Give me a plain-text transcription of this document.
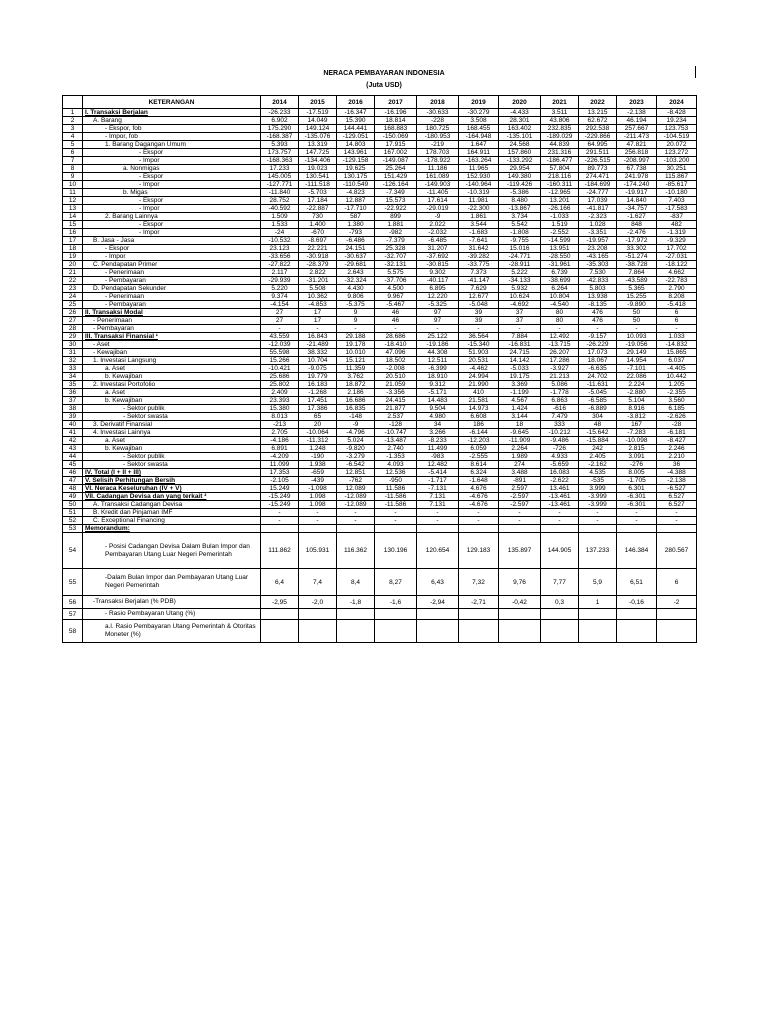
NERACA PEMBAYARAN INDONESIA
(Juta USD)
	KETERANGAN	2014	2015	2016	2017	2018	2019	2020	2021	2022	2023	2024
1	I. Transaksi Berjalan	-26.233	-17.519	-16.347	-16.196	-30.633	-30.279	-4.433	3.511	13.215	-2.138	-8.428
2	A. Barang	6.902	14.049	15.390	18.814	-228	3.508	28.301	43.806	62.672	46.194	19.234
3	- Ekspor, fob	175.290	149.124	144.441	168.883	180.725	168.455	163.402	232.835	292.538	257.667	123.753
4	- Impor, fob	-168.387	-135.076	-129.051	-150.069	-180.953	-164.948	-135.101	-189.029	-229.866	-211.473	-104.519
5	1. Barang Dagangan Umum	5.393	13.319	14.803	17.915	-219	1.647	24.568	44.839	64.995	47.821	20.072
6	- Ekspor	173.757	147.725	143.961	167.002	178.703	164.911	157.860	231.316	291.511	256.818	123.272
7	- Impor	-168.363	-134.406	-129.158	-149.087	-178.922	-163.264	-133.292	-186.477	-226.515	-208.997	-103.200
8	a. Nonmigas	17.233	19.023	19.625	25.264	11.186	11.965	29.954	57.804	89.773	67.738	30.251
9	- Ekspor	145.005	130.541	130.175	151.429	161.089	152.930	149.380	218.116	274.471	241.978	115.867
10	- Impor	-127.771	-111.518	-110.549	-126.164	-149.903	-140.964	-119.426	-160.311	-184.699	-174.240	-85.617
11	b. Migas	-11.840	-5.703	-4.823	-7.349	-11.405	-10.319	-5.386	-12.965	-24.777	-19.917	-10.180
12	- Ekspor	28.752	17.184	12.887	15.573	17.614	11.981	8.480	13.201	17.039	14.840	7.403
13	- Impor	-40.592	-22.887	-17.710	-22.922	-29.019	-22.300	-13.867	-26.166	-41.817	-34.757	-17.583
14	2. Barang Lainnya	1.509	730	587	899	-9	1.861	3.734	-1.033	-2.323	-1.627	-837
15	- Ekspor	1.533	1.400	1.380	1.881	2.022	3.544	5.542	1.519	1.028	848	482
16	- Impor	-24	-670	-793	-982	-2.032	-1.683	-1.808	-2.552	-3.351	-2.476	-1.319
17	B. Jasa - Jasa	-10.532	-8.697	-6.486	-7.379	-6.485	-7.641	-9.755	-14.599	-19.957	-17.972	-9.329
18	- Ekspor	23.123	22.221	24.151	25.328	31.207	31.642	15.016	13.951	23.208	33.302	17.702
19	- Impor	-33.656	-30.918	-30.637	-32.707	-37.692	-39.282	-24.771	-28.550	-43.165	-51.274	-27.031
20	C. Pendapatan Primer	-27.822	-28.379	-29.681	-32.131	-30.815	-33.775	-28.911	-31.961	-35.303	-38.728	-18.122
21	- Penerimaan	2.117	2.822	2.643	5.575	9.302	7.373	5.222	6.739	7.530	7.864	4.662
22	- Pembayaran	-29.939	-31.201	-32.324	-37.706	-40.117	-41.147	-34.133	-38.699	-42.833	-43.589	-22.783
23	D. Pendapatan Sekunder	5.220	5.508	4.430	4.500	6.895	7.629	5.932	6.264	5.803	5.365	2.790
24	- Penerimaan	9.374	10.362	9.806	9.967	12.220	12.677	10.624	10.804	13.938	15.255	8.208
25	- Pembayaran	-4.154	-4.853	-5.375	-5.467	-5.325	-5.048	-4.692	-4.540	-8.135	-9.890	-5.418
26	II. Transaksi Modal	27	17	9	46	97	39	37	80	476	50	6
27	- Penerimaan	27	17	9	46	97	39	37	80	476	50	6
28	- Pembayaran	-	-	-	-	-	-	-	-	-	-	-
29	III. Transaksi Finansial ¹	43.559	16.843	29.188	28.686	25.122	36.564	7.884	12.492	-9.157	10.093	1.033
30	- Aset	-12.039	-21.489	19.178	-18.410	-19.186	-15.340	-16.831	-13.715	-26.229	-19.056	-14.832
31	- Kewajiban	55.598	38.332	10.010	47.096	44.308	51.903	24.715	26.207	17.073	29.149	15.865
32	1. Investasi Langsung	15.266	10.704	15.121	18.502	12.511	20.531	14.142	17.286	18.067	14.954	6.037
33	a. Aset	-10.421	-9.075	11.359	-2.008	-6.399	-4.462	-5.033	-3.927	-6.635	-7.101	-4.405
34	b. Kewajiban	25.686	19.779	3.762	20.510	18.910	24.994	19.175	21.213	24.702	22.086	10.442
35	2. Investasi Portofolio	25.802	16.183	18.872	21.059	9.312	21.990	3.369	5.086	-11.631	2.224	1.205
36	a. Aset	2.409	-1.268	2.186	-3.356	-5.171	410	-1.199	-1.778	-5.045	-2.880	-2.355
37	b. Kewajiban	23.393	17.451	16.686	24.415	14.483	21.581	4.567	6.863	-6.585	5.104	3.560
38	- Sektor publik	15.380	17.386	16.835	21.877	9.504	14.973	1.424	-616	-6.889	8.916	6.185
39	- Sektor swasta	8.013	65	-148	2.537	4.980	6.608	3.144	7.479	304	-3.812	-2.626
40	3. Derivatif Finansial	-213	20	-9	-128	34	186	18	333	48	167	-28
41	4. Investasi Lainnya	2.705	-10.064	-4.796	-10.747	3.266	-6.144	-9.645	-10.212	-15.642	-7.283	-6.181
42	a. Aset	-4.186	-11.312	5.024	-13.487	-8.233	-12.203	-11.909	-9.486	-15.884	-10.098	-8.427
43	b. Kewajiban	6.891	1.248	-9.820	2.740	11.499	6.059	2.264	-726	242	2.815	2.246
44	- Sektor publik	-4.209	-190	-3.279	-1.353	-983	-2.555	1.989	4.933	2.405	3.091	2.210
45	- Sektor swasta	11.099	1.938	-6.542	4.093	12.482	8.614	274	-5.659	-2.162	-276	36
46	IV. Total (I + II + III)	17.353	-659	12.851	12.536	-5.414	6.324	3.488	16.083	4.535	8.005	-4.388
47	V. Selisih Perhitungan Bersih	-2.105	-439	-762	-950	-1.717	-1.648	-891	-2.622	-535	-1.705	-2.138
48	VI. Neraca Keseluruhan (IV + V)	15.249	-1.098	12.089	11.586	-7.131	4.676	2.597	13.461	3.999	6.301	-6.527
49	VII. Cadangan Devisa dan yang terkait ²	-15.249	1.098	-12.089	-11.586	7.131	-4.676	-2.597	-13.461	-3.999	-6.301	6.527
50	A. Transaksi Cadangan Devisa	-15.249	1.098	-12.089	-11.586	7.131	-4.676	-2.597	-13.461	-3.999	-6.301	6.527
51	B. Kredit dan Pinjaman IMF	-	-	-	-	-	-	-	-	-	-	-
52	C. Exceptional Financing	-	-	-	-	-	-	-	-	-	-	-
53	Memorandum:											
54	- Posisi Cadangan Devisa Dalam Bulan Impor dan Pembayaran Utang Luar Negeri Pemerintah	111.862	105.931	116.362	130.196	120.654	129.183	135.897	144.905	137.233	146.384	280.567
55	-Dalam Bulan Impor dan Pembayaran Utang Luar Negeri Pemerintah	6,4	7,4	8,4	8,27	6,43	7,32	9,76	7,77	5,9	6,51	6
56	-Transaksi Berjalan (% PDB)	-2,95	-2,0	-1,8	-1,6	-2,94	-2,71	-0,42	0,3	1	-0,16	-2
57	- Rasio Pembayaran Utang (%)											
58	a.l. Rasio Pembayaran Utang Pemerintah & Otoritas Moneter (%)											
